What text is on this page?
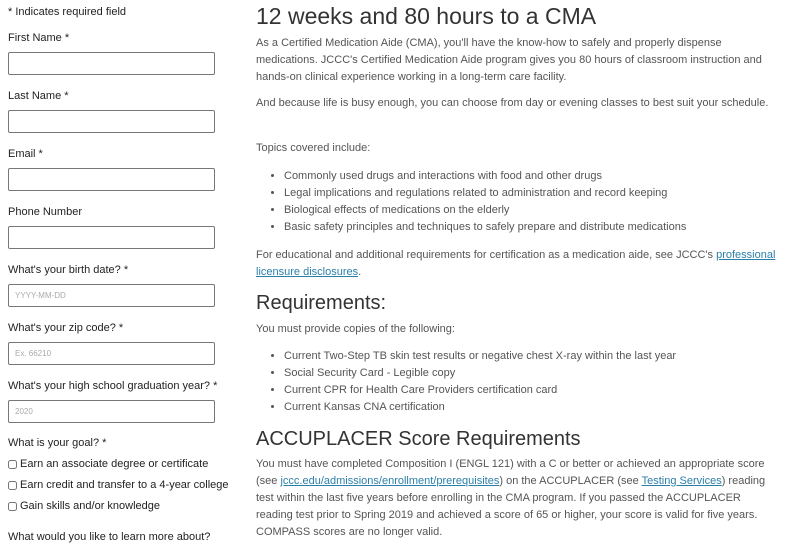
* Indicates required field
First Name *
Last Name *
Email *
Phone Number
What's your birth date? *
YYYY-MM-DD
What's your zip code? *
Ex. 66210
What's your high school graduation year? *
2020
What is your goal? *
Earn an associate degree or certificate
Earn credit and transfer to a 4-year college
Gain skills and/or knowledge
What would you like to learn more about?
12 weeks and 80 hours to a CMA

As a Certified Medication Aide (CMA), you'll have the know-how to safely and properly dispense medications. JCCC's Certified Medication Aide program gives you 80 hours of classroom instruction and hands-on clinical experience working in a long-term care facility.

And because life is busy enough, you can choose from day or evening classes to best suit your schedule.

Topics covered include:

• Commonly used drugs and interactions with food and other drugs
• Legal implications and regulations related to administration and record keeping
• Biological effects of medications on the elderly
• Basic safety principles and techniques to safely prepare and distribute medications

For educational and additional requirements for certification as a medication aide, see JCCC's professional licensure disclosures.

Requirements:

You must provide copies of the following:

• Current Two-Step TB skin test results or negative chest X-ray within the last year
• Social Security Card - Legible copy
• Current CPR for Health Care Providers certification card
• Current Kansas CNA certification
ACCUPLACER Score Requirements

You must have completed Composition I (ENGL 121) with a C or better or achieved an appropriate score (see jccc.edu/admissions/enrollment/prerequisites) on the ACCUPLACER (see Testing Services) reading test within the last five years before enrolling in the CMA program. If you passed the ACCUPLACER reading test prior to Spring 2019 and achieved a score of 65 or higher, your score is valid for five years. COMPASS scores are no longer valid.
